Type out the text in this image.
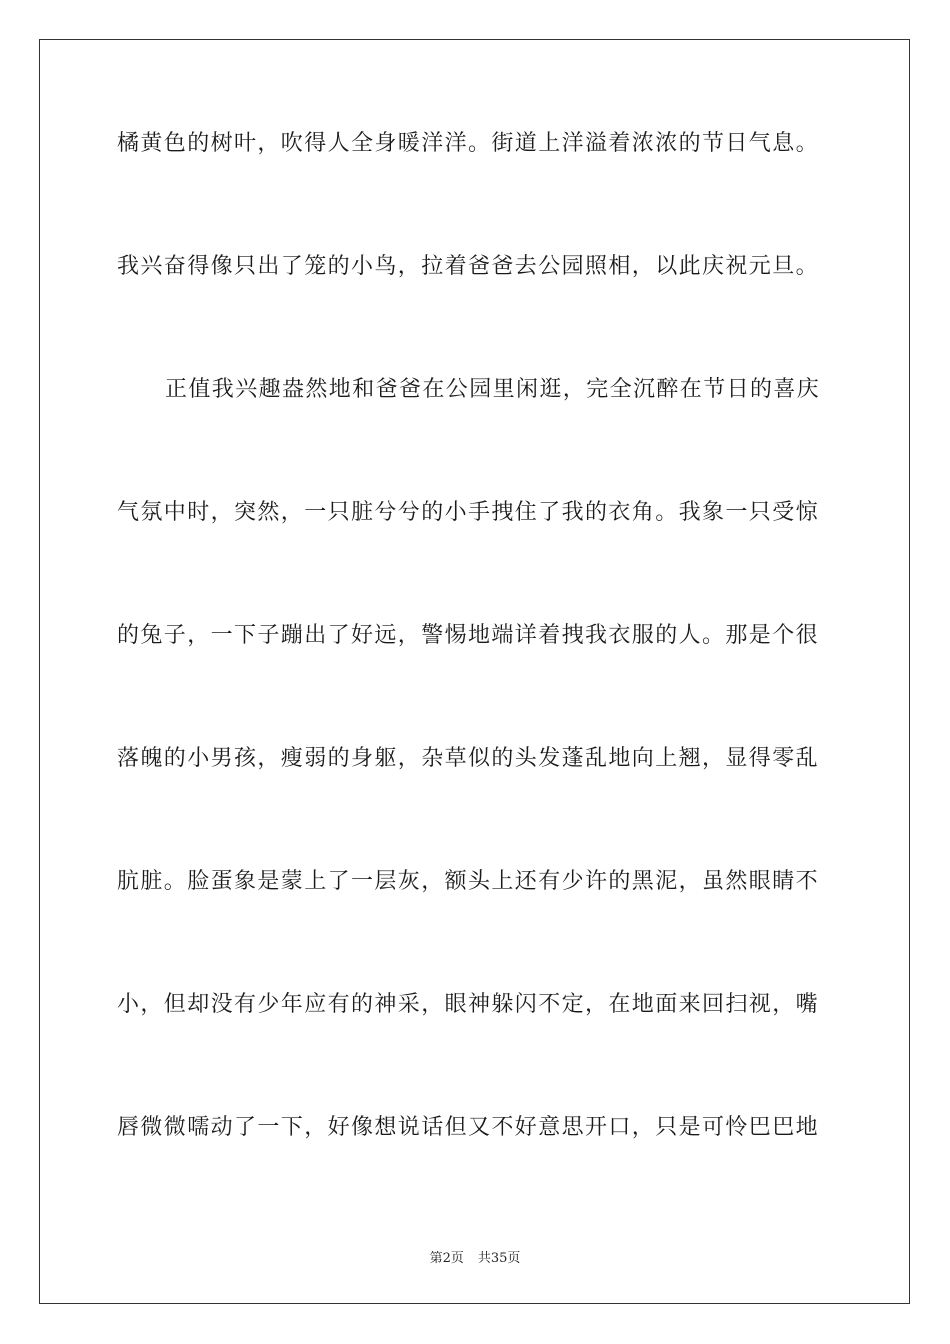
橘黄色的树叶，吹得人全身暖洋洋。街道上洋溢着浓浓的节日气息。

我兴奋得像只出了笼的小鸟，拉着爸爸去公园照相，以此庆祝元旦。

正值我兴趣盎然地和爸爸在公园里闲逛，完全沉醉在节日的喜庆

气氛中时，突然，一只脏兮兮的小手拽住了我的衣角。我象一只受惊

的兔子，一下子蹦出了好远，警惕地端详着拽我衣服的人。那是个很

落魄的小男孩，瘦弱的身躯，杂草似的头发蓬乱地向上翘，显得零乱

肮脏。脸蛋象是蒙上了一层灰，额头上还有少许的黑泥，虽然眼睛不

小，但却没有少年应有的神采，眼神躲闪不定，在地面来回扫视，嘴

唇微微嚅动了一下，好像想说话但又不好意思开口，只是可怜巴巴地

第2页 共35页
